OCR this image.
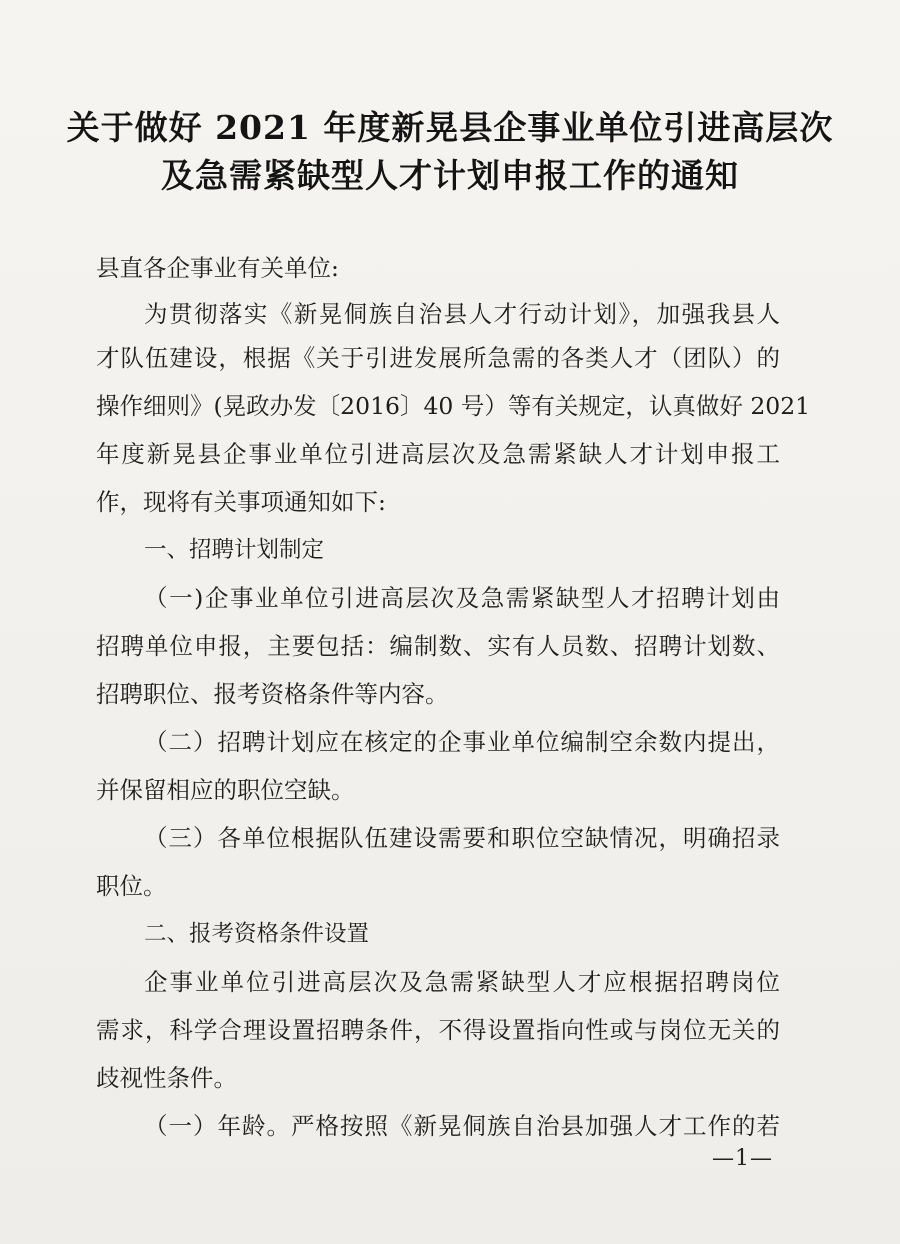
关于做好 2021 年度新晃县企事业单位引进高层次
及急需紧缺型人才计划申报工作的通知
县直各企事业有关单位:
为贯彻落实《新晃侗族自治县人才行动计划》，加强我县人
才队伍建设，根据《关于引进发展所急需的各类人才（团队）的
操作细则》(晃政办发〔2016〕40 号）等有关规定，认真做好 2021
年度新晃县企事业单位引进高层次及急需紧缺人才计划申报工
作，现将有关事项通知如下:
一、招聘计划制定
（一)企事业单位引进高层次及急需紧缺型人才招聘计划由
招聘单位申报，主要包括：编制数、实有人员数、招聘计划数、
招聘职位、报考资格条件等内容。
（二）招聘计划应在核定的企事业单位编制空余数内提出，
并保留相应的职位空缺。
（三）各单位根据队伍建设需要和职位空缺情况，明确招录
职位。
二、报考资格条件设置
企事业单位引进高层次及急需紧缺型人才应根据招聘岗位
需求，科学合理设置招聘条件，不得设置指向性或与岗位无关的
歧视性条件。
（一）年龄。严格按照《新晃侗族自治县加强人才工作的若
—1—
